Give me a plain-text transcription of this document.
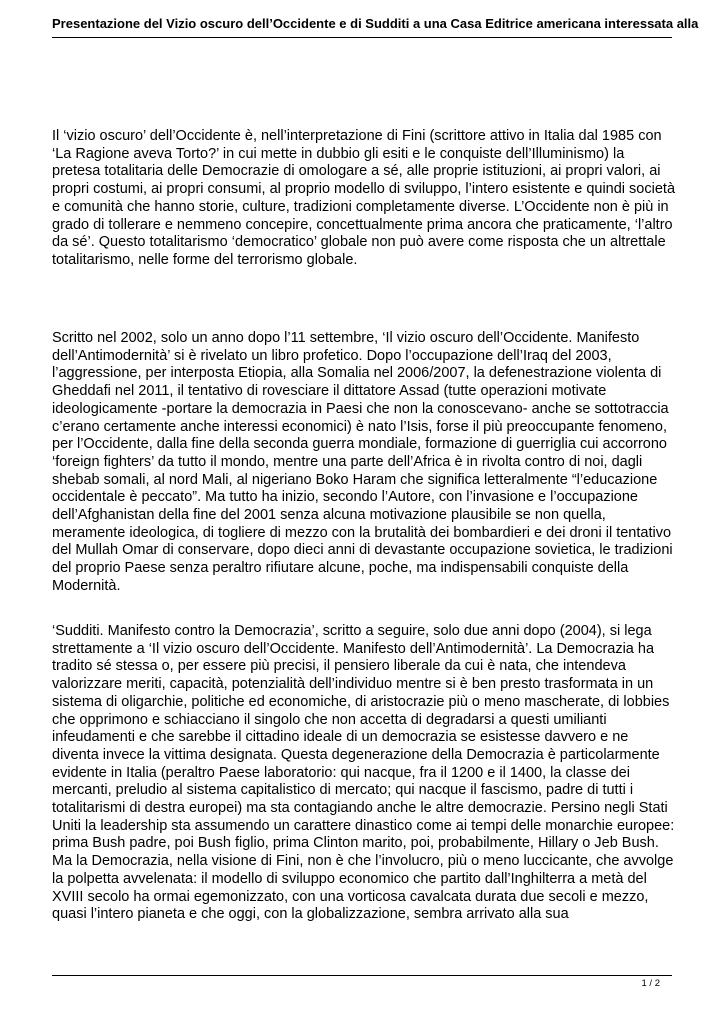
Presentazione del Vizio oscuro dell’Occidente e di Sudditi a una Casa Editrice americana interessata alla

Il ‘vizio oscuro’ dell’Occidente è, nell’interpretazione di Fini (scrittore attivo in Italia dal 1985 con ‘La Ragione aveva Torto?’ in cui mette in dubbio gli esiti e le conquiste dell’Illuminismo) la pretesa totalitaria delle Democrazie di omologare a sé, alle proprie istituzioni, ai propri valori, ai propri costumi, ai propri consumi, al proprio modello di sviluppo, l’intero esistente e quindi società e comunità che hanno storie, culture, tradizioni completamente diverse. L’Occidente non è più in grado di tollerare e nemmeno concepire, concettualmente prima ancora che praticamente, ‘l’altro da sé’. Questo totalitarismo ‘democratico’ globale non può avere come risposta che un altrettale totalitarismo, nelle forme del terrorismo globale.

Scritto nel 2002, solo un anno dopo l’11 settembre, ‘Il vizio oscuro dell’Occidente. Manifesto dell’Antimodernità’ si è rivelato un libro profetico. Dopo l’occupazione dell’Iraq del 2003, l’aggressione, per interposta Etiopia, alla Somalia nel 2006/2007, la defenestrazione violenta di Gheddafi nel 2011, il tentativo di rovesciare il dittatore Assad (tutte operazioni motivate ideologicamente -portare la democrazia in Paesi che non la conoscevano- anche se sottotraccia c’erano certamente anche interessi economici) è nato l’Isis, forse il più preoccupante fenomeno, per l’Occidente, dalla fine della seconda guerra mondiale, formazione di guerriglia cui accorrono ‘foreign fighters’ da tutto il mondo, mentre una parte dell’Africa è in rivolta contro di noi, dagli shebab somali, al nord Mali, al nigeriano Boko Haram che significa letteralmente “l’educazione occidentale è peccato”. Ma tutto ha inizio, secondo l’Autore, con l’invasione e l’occupazione dell’Afghanistan della fine del 2001 senza alcuna motivazione plausibile se non quella, meramente ideologica, di togliere di mezzo con la brutalità dei bombardieri e dei droni il tentativo del Mullah Omar di conservare, dopo dieci anni di devastante occupazione sovietica, le tradizioni del proprio Paese senza peraltro rifiutare alcune, poche, ma indispensabili conquiste della Modernità.

‘Sudditi. Manifesto contro la Democrazia’, scritto a seguire, solo due anni dopo (2004), si lega strettamente a ‘Il vizio oscuro dell’Occidente. Manifesto dell’Antimodernità’. La Democrazia ha tradito sé stessa o, per essere più precisi, il pensiero liberale da cui è nata, che intendeva valorizzare meriti, capacità, potenzialità dell’individuo mentre si è ben presto trasformata in un sistema di oligarchie, politiche ed economiche, di aristocrazie più o meno mascherate, di lobbies che opprimono e schiacciano il singolo che non accetta di degradarsi a questi umilianti infeudamenti e che sarebbe il cittadino ideale di un democrazia se esistesse davvero e ne diventa invece la vittima designata. Questa degenerazione della Democrazia è particolarmente evidente in Italia (peraltro Paese laboratorio: qui nacque, fra il 1200 e il 1400, la classe dei mercanti, preludio al sistema capitalistico di mercato; qui nacque il fascismo, padre di tutti i totalitarismi di destra europei) ma sta contagiando anche le altre democrazie. Persino negli Stati Uniti la leadership sta assumendo un carattere dinastico come ai tempi delle monarchie europee: prima Bush padre, poi Bush figlio, prima Clinton marito, poi, probabilmente, Hillary o Jeb Bush. Ma la Democrazia, nella visione di Fini, non è che l’involucro, più o meno luccicante, che avvolge la polpetta avvelenata: il modello di sviluppo economico che partito dall’Inghilterra a metà del XVIII secolo ha ormai egemonizzato, con una vorticosa cavalcata durata due secoli e mezzo, quasi l’intero pianeta e che oggi, con la globalizzazione, sembra arrivato alla sua

1 / 2
